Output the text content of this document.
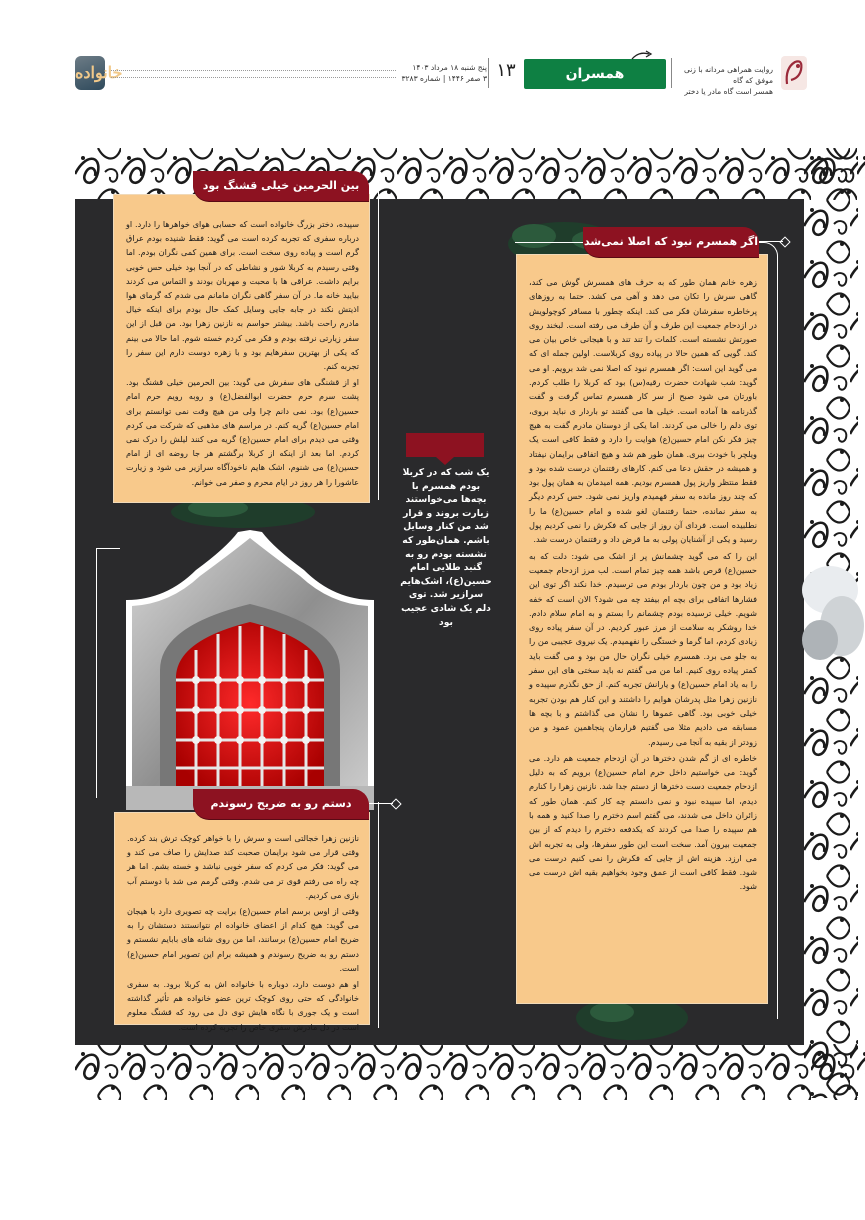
خانواده	پنج شنبه ۱۸ مرداد ۱۴۰۳
۳ صفر ۱۴۴۶ | شماره ۳۲۸۳ ۱۳	همسران	روایت همراهی مردانه با زنی موفق که گاه
همسر است گاه مادر یا دختر

زهره خانم همان طور که به حرف های همسرش گوش می کند، گاهی سرش را تکان می دهد و آهی می کشد. حتما به روزهای پرخاطره سفرشان فکر می کند. اینکه چطور با مسافر کوچولویش در ازدحام جمعیت این طرف و آن طرف می رفته است. لبخند روی صورتش نشسته است. کلمات را تند تند و با هیجانی خاص بیان می کند. گویی که همین حالا در پیاده روی کربلاست. اولین جمله ای که می گوید این است: اگر همسرم نبود که اصلا نمی شد برویم. او می گوید: شب شهادت حضرت رقیه(س) بود که کربلا را طلب کردم. باورتان می شود صبح از سر کار همسرم تماس گرفت و گفت گذرنامه ها آماده است. خیلی ها می گفتند تو باردار ی نباید بروی، توی دلم را خالی می کردند. اما یکی از دوستان مادرم گفت به هیچ چیز فکر نکن امام حسین(ع) هوایت را دارد و فقط کافی است یک ویلچر با خودت ببری. همان طور هم شد و هیچ اتفاقی برایمان نیفتاد و همیشه در حقش دعا می کنم. کارهای رفتنمان درست شده بود و فقط منتظر واریز پول همسرم بودیم. همه امیدمان به همان پول بود که چند روز مانده به سفر فهمیدم واریز نمی شود. حس کردم دیگر به سفر نمانده، حتما رفتنمان لغو شده و امام حسین(ع) ما را نطلبیده است. فردای آن روز از جایی که فکرش را نمی کردیم پول رسید و یکی از آشنایان پولی به ما قرض داد و رفتنمان درست شد.

این را که می گوید چشمانش پر از اشک می شود: دلت که به حسین(ع) قرص باشد همه چیز تمام است. لب مرز ازدحام جمعیت زیاد بود و من چون باردار بودم می ترسیدم. خدا نکند اگر توی این فشارها اتفاقی برای بچه ام بیفتد چه می شود؟ الان است که خفه شویم. خیلی ترسیده بودم چشمانم را بستم و به امام سلام دادم. خدا روشکر به سلامت از مرز عبور کردیم. در آن سفر پیاده روی زیادی کردم، اما گرما و خستگی را نفهمیدم. یک نیروی عجیبی من را به جلو می برد. همسرم خیلی نگران حال من بود و می گفت باید کمتر پیاده روی کنیم. اما من می گفتم نه باید سختی های این سفر را به یاد امام حسین(ع) و یارانش تجربه کنم. از حق نگذرم سپیده و نازنین زهرا مثل پدرشان هوایم را داشتند و این کنار هم بودن تجربه خیلی خوبی بود. گاهی عموها را نشان می گذاشتم و با بچه ها مسابقه می دادیم مثلا می گفتیم قرارمان پنجاهمین عمود و من زودتر از بقیه به آنجا می رسیدم.

خاطره ای از گم شدن دخترها در آن ازدحام جمعیت هم دارد. می گوید: می خواستیم داخل حرم امام حسین(ع) برویم که به دلیل ازدحام جمعیت دست دخترها از دستم جدا شد. نازنین زهرا را کنارم دیدم، اما سپیده نبود و نمی دانستم چه کار کنم. همان طور که زائران داخل می شدند، می گفتم اسم دخترم را صدا کنید و همه با هم سپیده را صدا می کردند که یکدفعه دخترم را دیدم که از بین جمعیت بیرون آمد. سخت است این طور سفرها، ولی به تجربه اش می ارزد. هزینه اش از جایی که فکرش را نمی کنیم درست می شود. فقط کافی است از عمق وجود بخواهیم بقیه اش درست می شود.

اگر همسرم نبود که اصلا نمی‌شد

سپیده، دختر بزرگ خانواده است که حسابی هوای خواهرها را دارد. او درباره سفری که تجربه کرده است می گوید: فقط شنیده بودم عراق گرم است و پیاده روی سخت است. برای همین کمی نگران بودم. اما وقتی رسیدم به کربلا شور و نشاطی که در آنجا بود خیلی حس خوبی برایم داشت. عراقی ها با محبت و مهربان بودند و التماس می کردند بیایید خانه ما. در آن سفر گاهی نگران مامانم می شدم که گرمای هوا اذیتش نکند در جابه جایی وسایل کمک حال بودم برای اینکه خیال مادرم راحت باشد. بیشتر حواسم به نازنین زهرا بود. من قبل از این سفر زیارتی نرفته بودم و فکر می کردم خسته شوم. اما حالا می بینم که یکی از بهترین سفرهایم بود و با زهره دوست دارم این سفر را تجربه کنم.

او از قشنگی های سفرش می گوید: بین الحرمین خیلی قشنگ بود. پشت سرم حرم حضرت ابوالفضل(ع) و روبه رویم حرم امام حسین(ع) بود. نمی دانم چرا ولی من هیچ وقت نمی توانستم برای امام حسین(ع) گریه کنم. در مراسم های مذهبی که شرکت می کردم وقتی می دیدم برای امام حسین(ع) گریه می کنند لیلش را درک نمی کردم. اما بعد از اینکه از کربلا برگشتم هر جا روضه ای از امام حسین(ع) می شنوم، اشک هایم ناخودآگاه سرازیر می شود و زیارت عاشورا را هر روز در ایام محرم و صفر می خوانم.

بین الحرمین خیلی قشنگ بود

نازنین زهرا خجالتی است و سرش را با خواهر کوچک ترش بند کرده. وقتی قرار می شود برایمان صحبت کند صدایش را صاف می کند و می گوید: فکر می کردم که سفر خوبی نباشد و خسته بشم. اما هر چه راه می رفتم قوی تر می شدم. وقتی گرمم می شد با دوستم آب بازی می کردیم.

وقتی از اوس برسم امام حسین(ع) برایت چه تصویری دارد با هیجان می گوید: هیچ کدام از اعضای خانواده ام نتوانستند دستشان را به ضریح امام حسین(ع) برسانند، اما من روی شانه های بابایم نشستم و دستم رو به ضریح رسوندم و همیشه برام این تصویر امام حسین(ع) است.

او هم دوست دارد، دوباره با خانواده اش به کربلا برود. به سفری خانوادگی که حتی روی کوچک ترین عضو خانواده هم تأثیر گذاشته است و یک جوری با نگاه هایش توی دل می رود که قشنگ معلوم است در دل مادرش سفری خاص را تجربه کرده است.

دستم رو به ضریح رسوندم
یک شب که در کربلا بودم همسرم با بچه‌ها می‌خواستند زیارت بروند و قرار شد من کنار وسایل باشم. همان‌طور که نشسته بودم رو به گنبد طلایی امام حسین(ع)، اشک‌هایم سرازیر شد. توی دلم یک شادی عجیب بود
